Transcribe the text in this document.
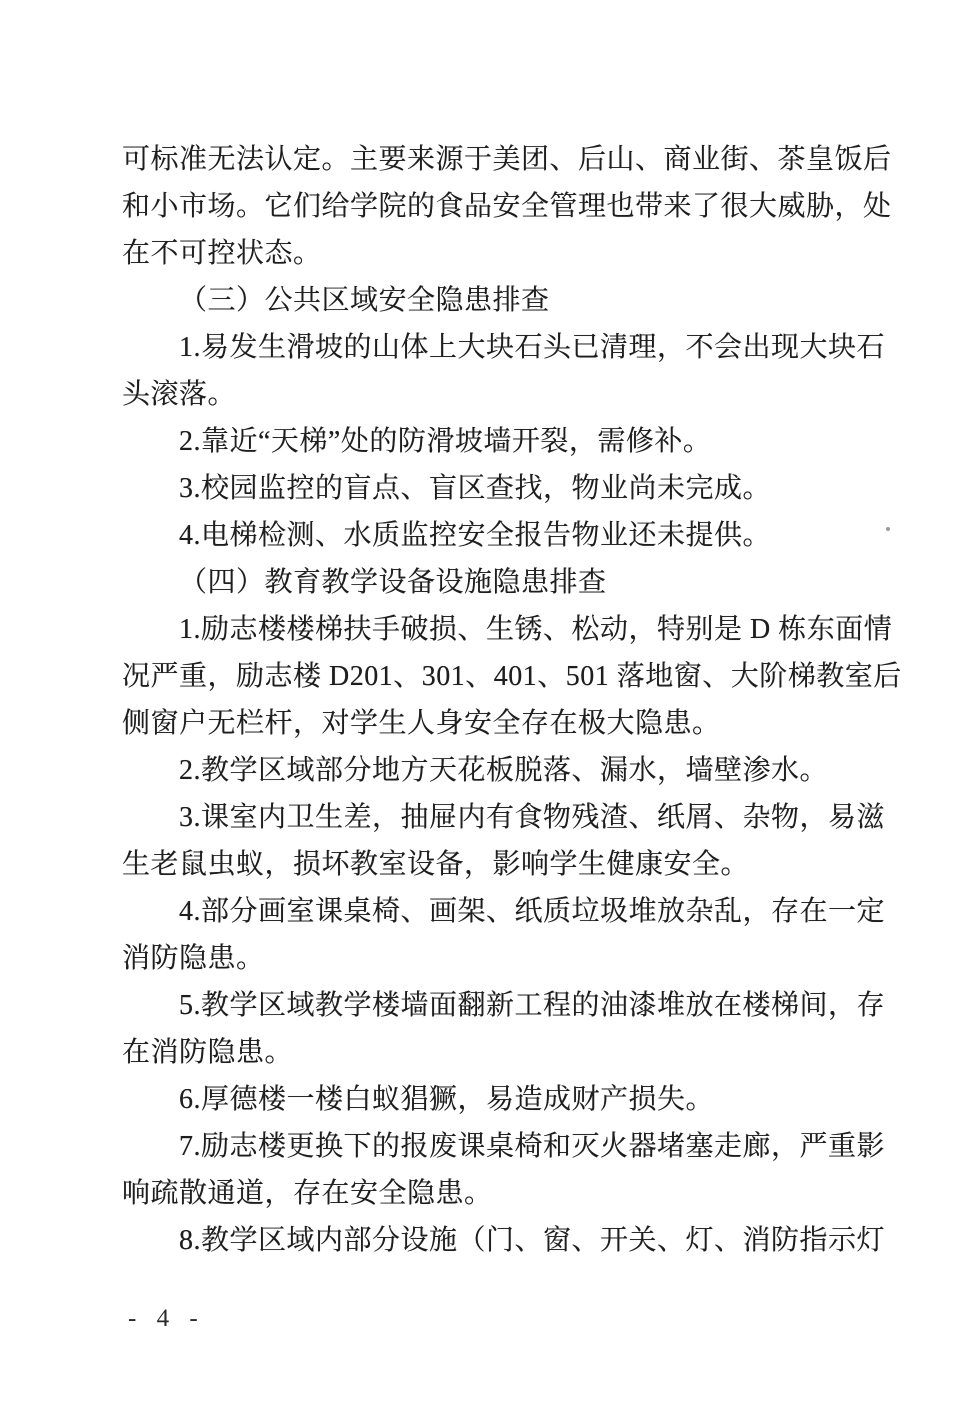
可标准无法认定。主要来源于美团、后山、商业街、茶皇饭后
和小市场。它们给学院的食品安全管理也带来了很大威胁，处
在不可控状态。
（三）公共区域安全隐患排查
1.易发生滑坡的山体上大块石头已清理，不会出现大块石
头滚落。
2.靠近“天梯”处的防滑坡墙开裂，需修补。
3.校园监控的盲点、盲区查找，物业尚未完成。
4.电梯检测、水质监控安全报告物业还未提供。
（四）教育教学设备设施隐患排查
1.励志楼楼梯扶手破损、生锈、松动，特别是 D 栋东面情
况严重，励志楼 D201、301、401、501 落地窗、大阶梯教室后
侧窗户无栏杆，对学生人身安全存在极大隐患。
2.教学区域部分地方天花板脱落、漏水，墙壁渗水。
3.课室内卫生差，抽屉内有食物残渣、纸屑、杂物，易滋
生老鼠虫蚁，损坏教室设备，影响学生健康安全。
4.部分画室课桌椅、画架、纸质垃圾堆放杂乱，存在一定
消防隐患。
5.教学区域教学楼墙面翻新工程的油漆堆放在楼梯间，存
在消防隐患。
6.厚德楼一楼白蚁猖獗，易造成财产损失。
7.励志楼更换下的报废课桌椅和灭火器堵塞走廊，严重影
响疏散通道，存在安全隐患。
8.教学区域内部分设施（门、窗、开关、灯、消防指示灯
- 4 -
